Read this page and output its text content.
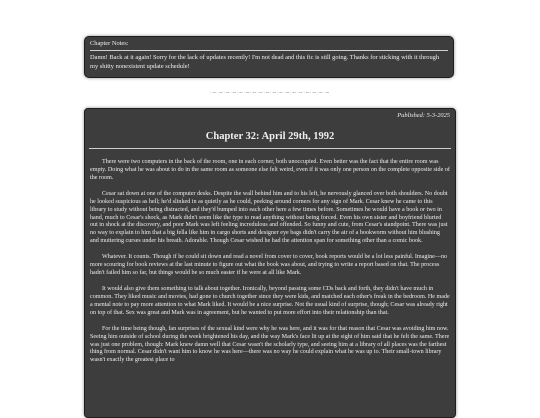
Chapter Notes:

Damn! Back at it again! Sorry for the lack of updates recently! I'm not dead and this fic is still going. Thanks for sticking with it through my shitty nonexistent update schedule!

·∼·∼·∼·∼·∼·∼·∼·∼·∼·∼·∼·∼·∼·∼·∼·∼·∼·∼
Published: 5-3-2025
Chapter 32: April 29th, 1992

There were two computers in the back of the room, one in each corner, both unoccupied. Even better was the fact that the entire room was empty. Doing what he was about to do in the same room as someone else felt weird, even if it was only one person on the complete opposite side of the room.

Cesar sat down at one of the computer desks. Despite the wall behind him and to his left, he nervously glanced over both shoulders. No doubt he looked suspicious as hell; he'd slinked in as quietly as he could, peeking around corners for any sign of Mark. Cesar knew he came to this library to study without being distracted, and they'd bumped into each other here a few times before. Sometimes he would have a book or two in hand, much to Cesar's shock, as Mark didn't seem like the type to read anything without being forced. Even his own sister and boyfriend blurted out in shock at the discovery, and poor Mark was left feeling incredulous and offended. So funny and cute, from Cesar's standpoint. There was just no way to explain to him that a big fella like him in cargo shorts and designer eye bags didn't carry the air of a bookworm without him blushing and muttering curses under his breath. Adorable. Though Cesar wished he had the attention span for something other than a comic book.

Whatever. It counts. Though if he could sit down and read a novel from cover to cover, book reports would be a lot less painful. Imagine—no more scouring for book reviews at the last minute to figure out what the book was about, and trying to write a report based on that. The process hadn't failed him so far, but things would be so much easier if he were at all like Mark.

It would also give them something to talk about together. Ironically, beyond passing some CDs back and forth, they didn't have much in common. They liked music and movies, had gone to church together since they were kids, and matched each other's freak in the bedroom. He made a mental note to pay more attention to what Mark liked. It would be a nice surprise. Not the usual kind of surprise, though; Cesar was already right on top of that. Sex was great and Mark was in agreement, but he wanted to put more effort into their relationship than that.

For the time being though, fan surprises of the sexual kind were why he was here, and it was for that reason that Cesar was avoiding him now. Seeing him outside of school during the week brightened his day, and the way Mark's face lit up at the sight of him said that he felt the same. There was just one problem, though: Mark knew damn well that Cesar wasn't the scholarly type, and seeing him at a library of all places was the farthest thing from normal. Cesar didn't want him to know he was here—there was no way he could explain what he was up to. Their small-town library wasn't exactly the greatest place to
